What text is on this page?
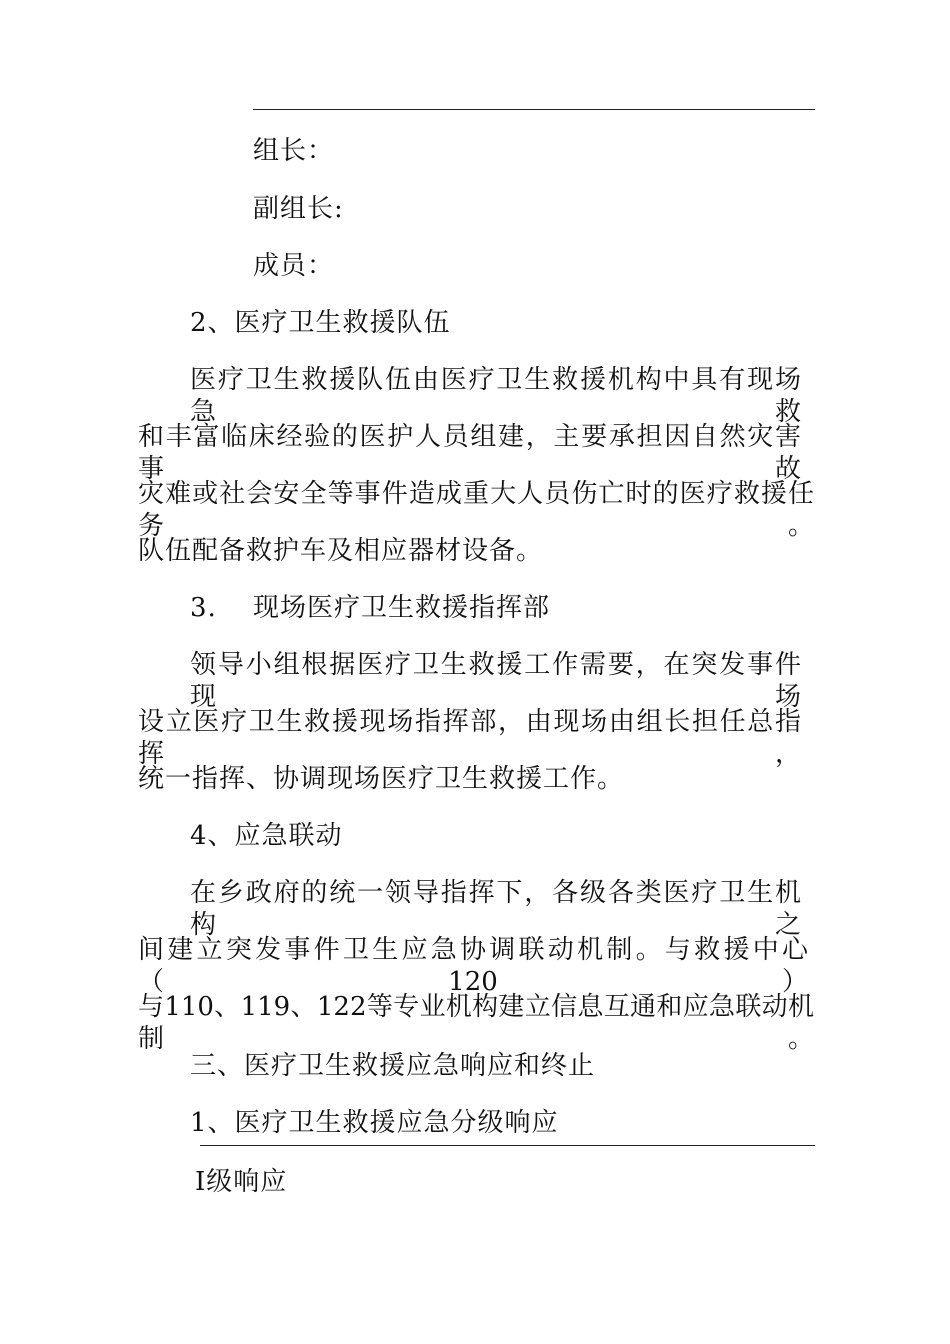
组长：
副组长:
成员：
2、医疗卫生救援队伍
医疗卫生救援队伍由医疗卫生救援机构中具有现场急救
和丰富临床经验的医护人员组建，主要承担因自然灾害事故
灾难或社会安全等事件造成重大人员伤亡时的医疗救援任务。
队伍配备救护车及相应器材设备。
3. 现场医疗卫生救援指挥部
领导小组根据医疗卫生救援工作需要，在突发事件现场
设立医疗卫生救援现场指挥部，由现场由组长担任总指挥，
统一指挥、协调现场医疗卫生救援工作。
4、应急联动
在乡政府的统一领导指挥下，各级各类医疗卫生机构之
间建立突发事件卫生应急协调联动机制。与救援中心（120）
与110、119、122等专业机构建立信息互通和应急联动机制。
三、医疗卫生救援应急响应和终止
1、医疗卫生救援应急分级响应
Ⅰ级响应
